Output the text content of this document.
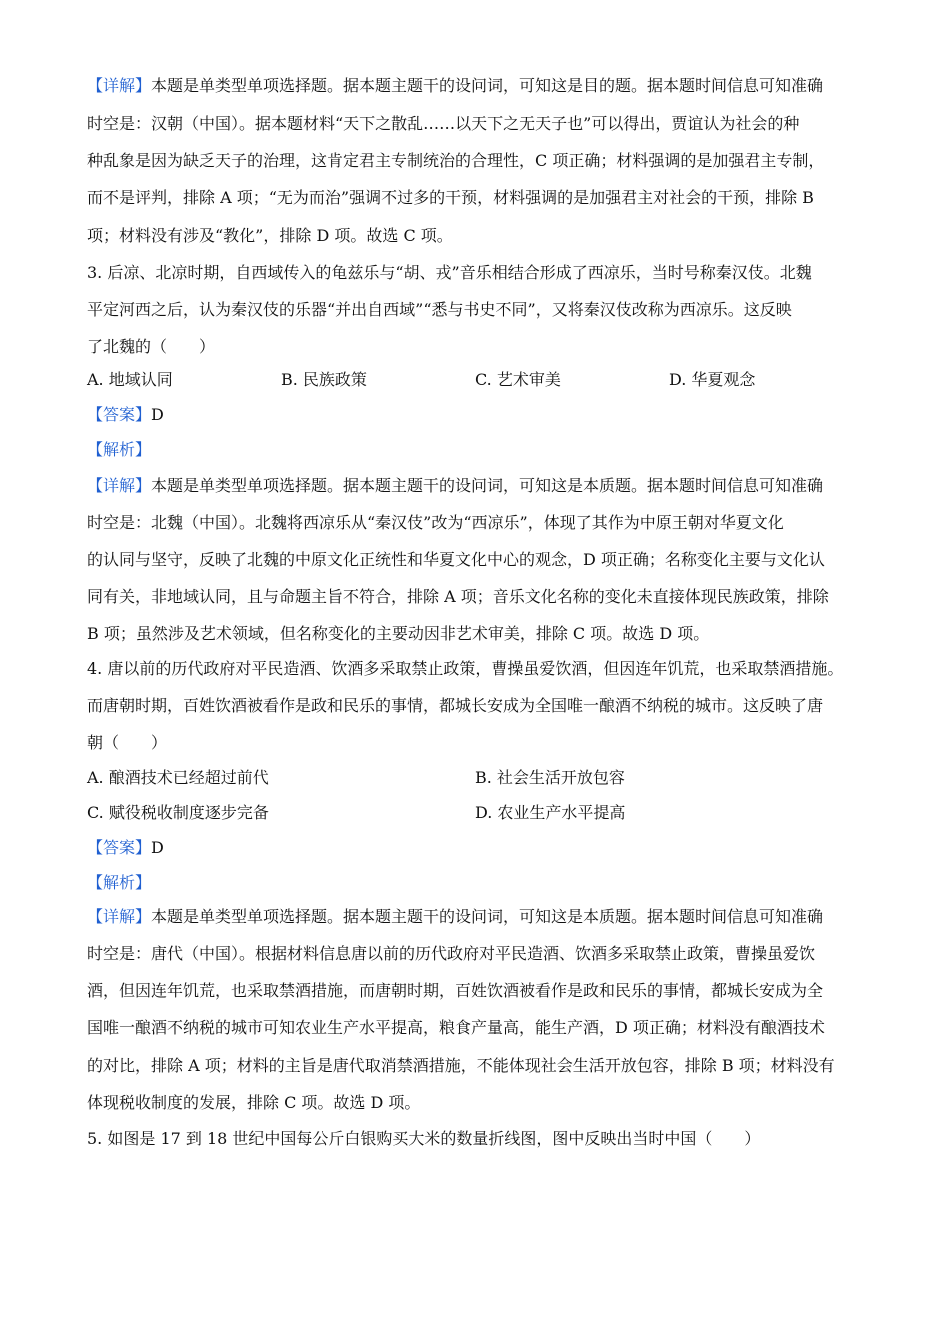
【详解】本题是单类型单项选择题。据本题主题干的设问词，可知这是目的题。据本题时间信息可知准确
时空是：汉朝（中国）。据本题材料“天下之散乱……以天下之无天子也”可以得出，贾谊认为社会的种
种乱象是因为缺乏天子的治理，这肯定君主专制统治的合理性，C 项正确；材料强调的是加强君主专制，
而不是评判，排除 A 项；“无为而治”强调不过多的干预，材料强调的是加强君主对社会的干预，排除 B
项；材料没有涉及“教化”，排除 D 项。故选 C 项。
3. 后凉、北凉时期，自西域传入的龟兹乐与“胡、戎”音乐相结合形成了西凉乐，当时号称秦汉伎。北魏
平定河西之后，认为秦汉伎的乐器“并出自西域”“悉与书史不同”，又将秦汉伎改称为西凉乐。这反映
了北魏的（　　）
A. 地域认同	B. 民族政策	C. 艺术审美	D. 华夏观念
【答案】D
【解析】
【详解】本题是单类型单项选择题。据本题主题干的设问词，可知这是本质题。据本题时间信息可知准确
时空是：北魏（中国）。北魏将西凉乐从“秦汉伎”改为“西凉乐”，体现了其作为中原王朝对华夏文化
的认同与坚守，反映了北魏的中原文化正统性和华夏文化中心的观念，D 项正确；名称变化主要与文化认
同有关，非地域认同，且与命题主旨不符合，排除 A 项；音乐文化名称的变化未直接体现民族政策，排除
B 项；虽然涉及艺术领域，但名称变化的主要动因非艺术审美，排除 C 项。故选 D 项。
4. 唐以前的历代政府对平民造酒、饮酒多采取禁止政策，曹操虽爱饮酒，但因连年饥荒，也采取禁酒措施。
而唐朝时期，百姓饮酒被看作是政和民乐的事情，都城长安成为全国唯一酿酒不纳税的城市。这反映了唐
朝（　　）
A. 酿酒技术已经超过前代	B. 社会生活开放包容
C. 赋役税收制度逐步完备	D. 农业生产水平提高
【答案】D
【解析】
【详解】本题是单类型单项选择题。据本题主题干的设问词，可知这是本质题。据本题时间信息可知准确
时空是：唐代（中国）。根据材料信息唐以前的历代政府对平民造酒、饮酒多采取禁止政策，曹操虽爱饮
酒，但因连年饥荒，也采取禁酒措施，而唐朝时期，百姓饮酒被看作是政和民乐的事情，都城长安成为全
国唯一酿酒不纳税的城市可知农业生产水平提高，粮食产量高，能生产酒，D 项正确；材料没有酿酒技术
的对比，排除 A 项；材料的主旨是唐代取消禁酒措施，不能体现社会生活开放包容，排除 B 项；材料没有
体现税收制度的发展，排除 C 项。故选 D 项。
5. 如图是 17 到 18 世纪中国每公斤白银购买大米的数量折线图，图中反映出当时中国（　　）
